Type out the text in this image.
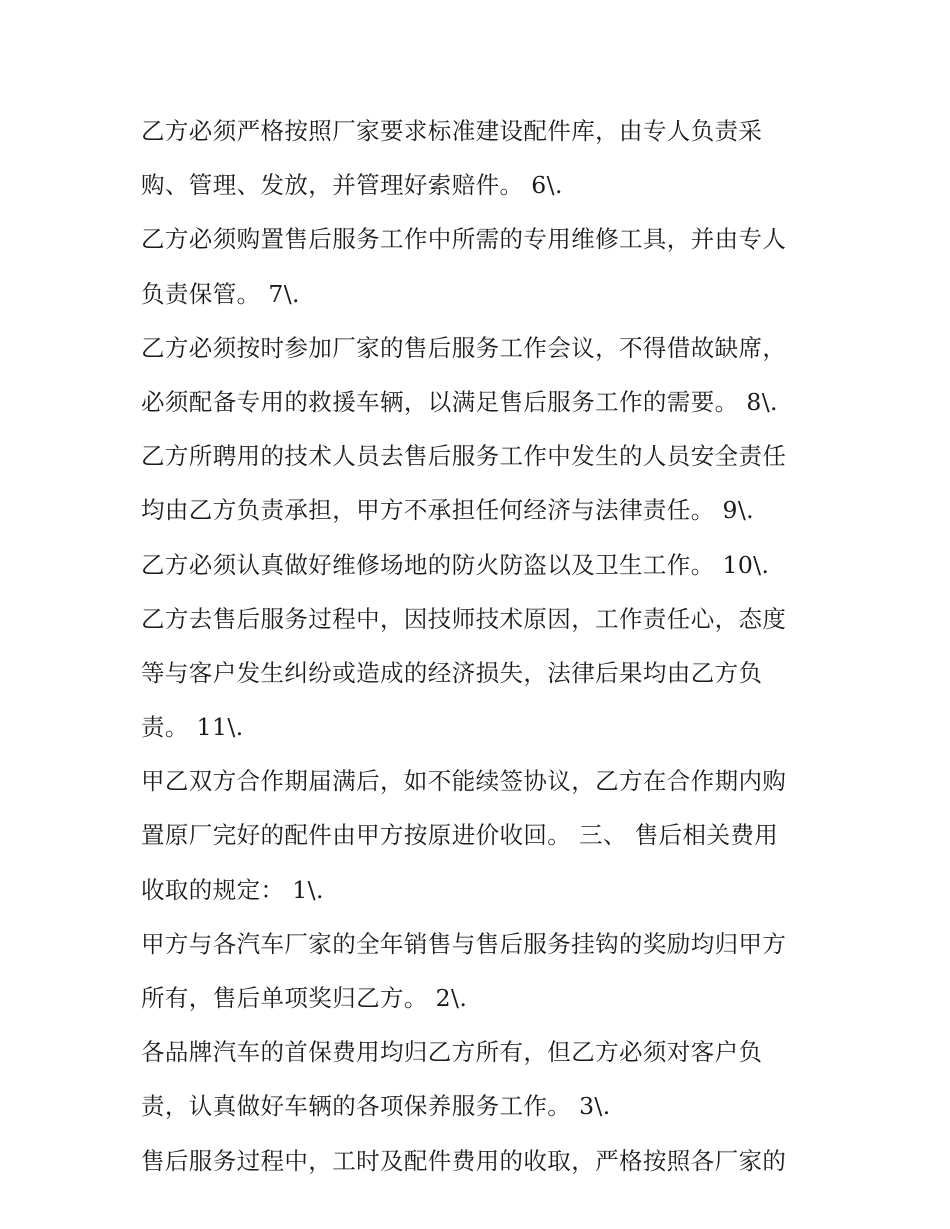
乙方必须严格按照厂家要求标准建设配件库，由专人负责采
购、管理、发放，并管理好索赔件。 6\.
乙方必须购置售后服务工作中所需的专用维修工具，并由专人
负责保管。 7\.
乙方必须按时参加厂家的售后服务工作会议，不得借故缺席，
必须配备专用的救援车辆，以满足售后服务工作的需要。 8\.
乙方所聘用的技术人员去售后服务工作中发生的人员安全责任
均由乙方负责承担，甲方不承担任何经济与法律责任。 9\.
乙方必须认真做好维修场地的防火防盗以及卫生工作。 10\.
乙方去售后服务过程中，因技师技术原因，工作责任心，态度
等与客户发生纠纷或造成的经济损失，法律后果均由乙方负
责。 11\.
甲乙双方合作期届满后，如不能续签协议，乙方在合作期内购
置原厂完好的配件由甲方按原进价收回。 三、 售后相关费用
收取的规定： 1\.
甲方与各汽车厂家的全年销售与售后服务挂钩的奖励均归甲方
所有，售后单项奖归乙方。 2\.
各品牌汽车的首保费用均归乙方所有，但乙方必须对客户负
责，认真做好车辆的各项保养服务工作。 3\.
售后服务过程中，工时及配件费用的收取，严格按照各厂家的
